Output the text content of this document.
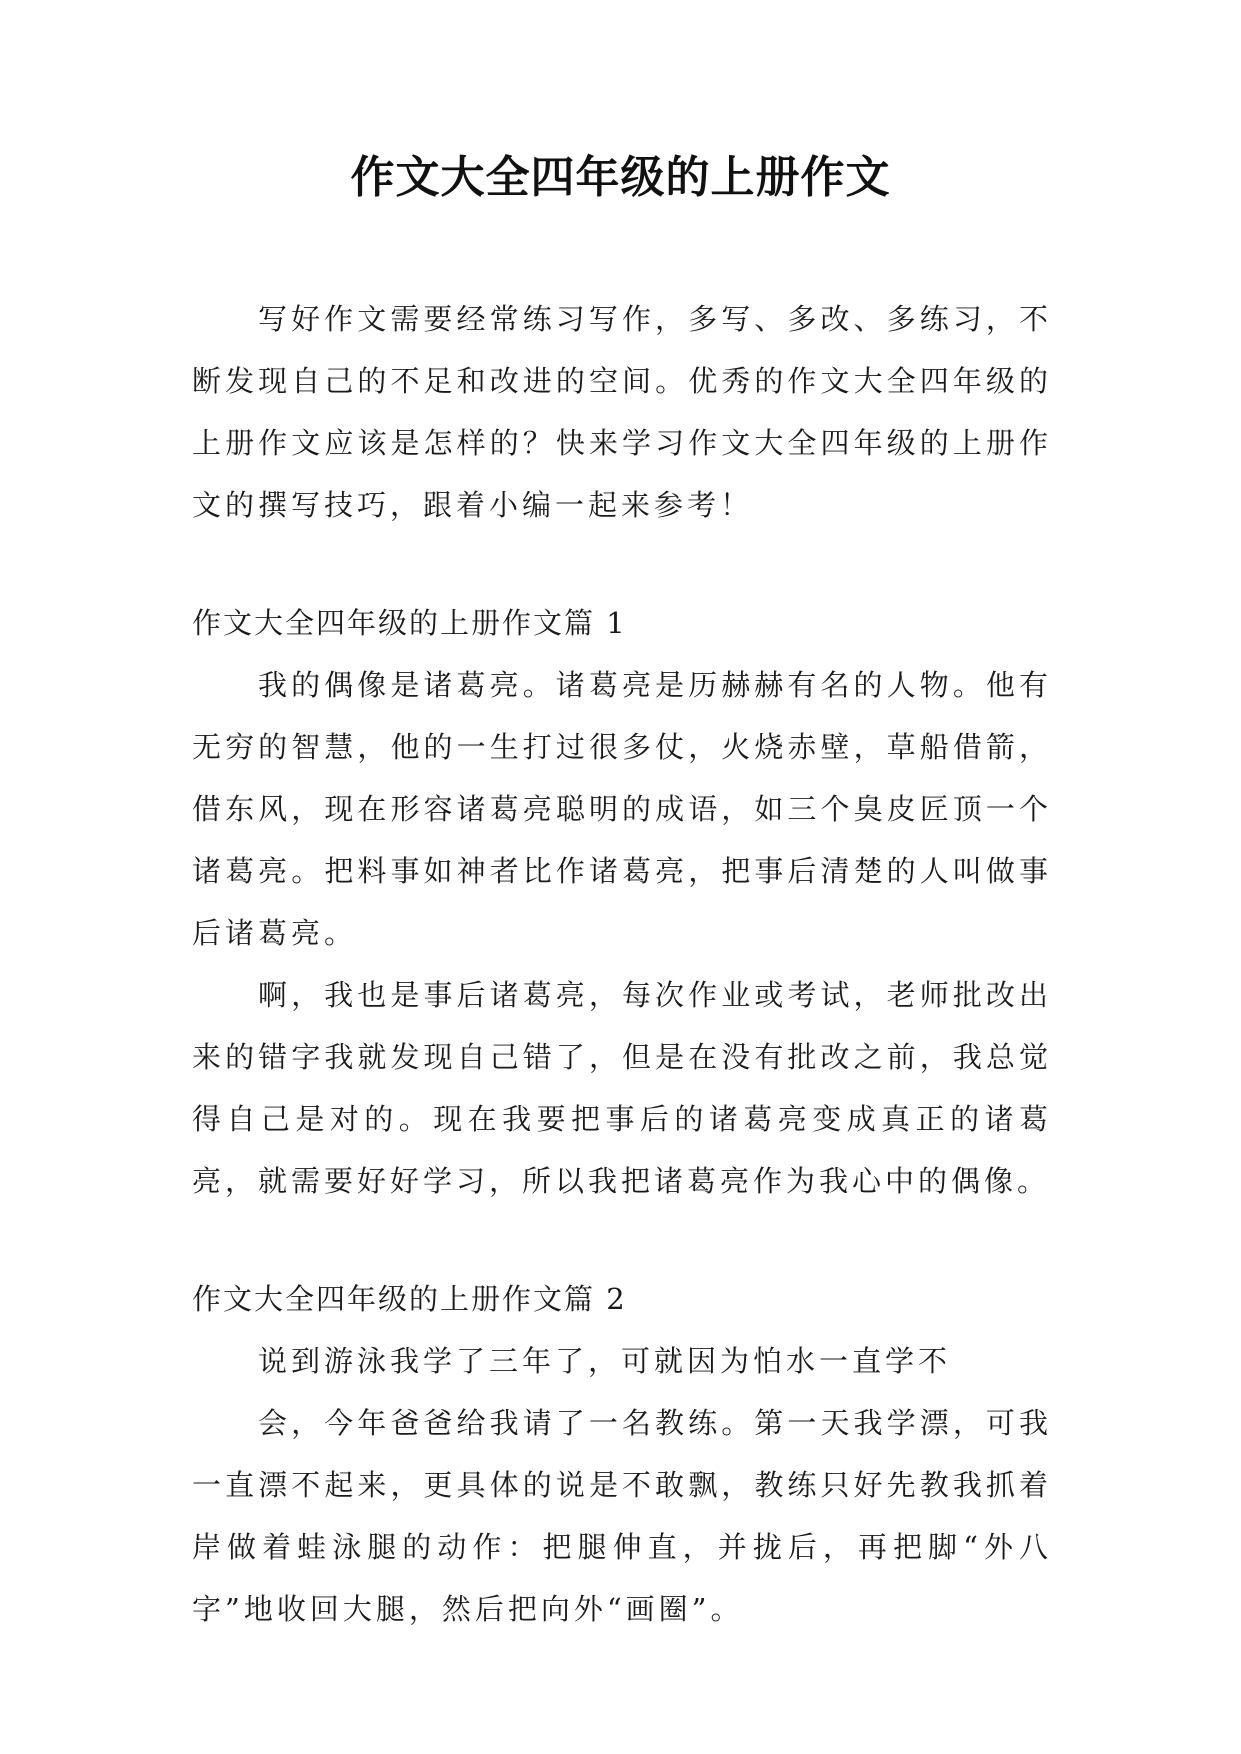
作文大全四年级的上册作文

写好作文需要经常练习写作，多写、多改、多练习，不断发现自己的不足和改进的空间。优秀的作文大全四年级的上册作文应该是怎样的？快来学习作文大全四年级的上册作文的撰写技巧，跟着小编一起来参考！

作文大全四年级的上册作文篇 1

我的偶像是诸葛亮。诸葛亮是历赫赫有名的人物。他有无穷的智慧，他的一生打过很多仗，火烧赤壁，草船借箭，借东风，现在形容诸葛亮聪明的成语，如三个臭皮匠顶一个诸葛亮。把料事如神者比作诸葛亮，把事后清楚的人叫做事后诸葛亮。

啊，我也是事后诸葛亮，每次作业或考试，老师批改出来的错字我就发现自己错了，但是在没有批改之前，我总觉得自己是对的。现在我要把事后的诸葛亮变成真正的诸葛亮，就需要好好学习，所以我把诸葛亮作为我心中的偶像。

作文大全四年级的上册作文篇 2

说到游泳我学了三年了，可就因为怕水一直学不

会，今年爸爸给我请了一名教练。第一天我学漂，可我一直漂不起来，更具体的说是不敢飘，教练只好先教我抓着岸做着蛙泳腿的动作：把腿伸直，并拢后，再把脚“外八字”地收回大腿，然后把向外“画圈”。
